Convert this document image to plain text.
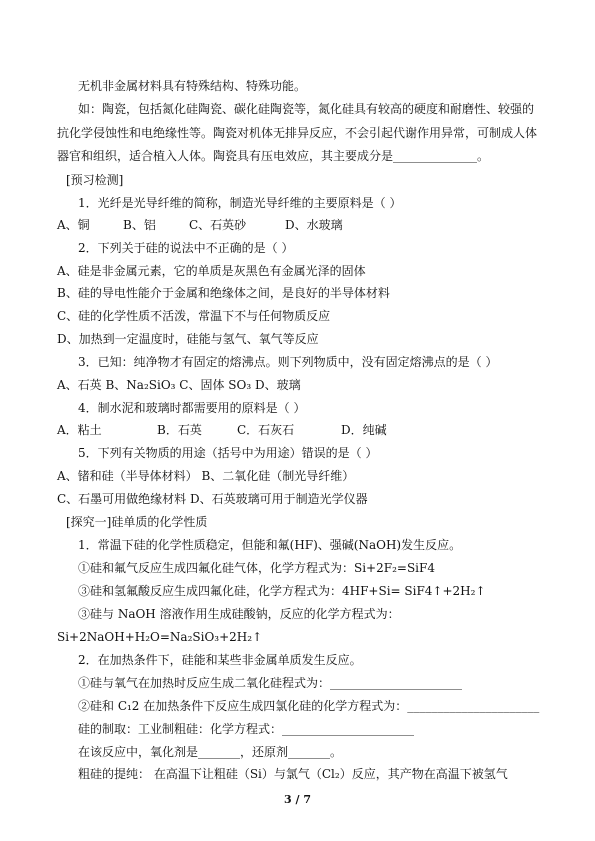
无机非金属材料具有特殊结构、特殊功能。
如：陶瓷，包括氮化硅陶瓷、碳化硅陶瓷等，氮化硅具有较高的硬度和耐磨性、较强的
抗化学侵蚀性和电绝缘性等。陶瓷对机体无排异反应，不会引起代谢作用异常，可制成人体
器官和组织，适合植入人体。陶瓷具有压电效应，其主要成分是______________。
[预习检测]
1．光纤是光导纤维的简称，制造光导纤维的主要原料是（ ）
A、铜	B、铝	C、石英砂	D、水玻璃
2．下列关于硅的说法中不正确的是（ ）
A、硅是非金属元素，它的单质是灰黑色有金属光泽的固体
B、硅的导电性能介于金属和绝缘体之间，是良好的半导体材料
C、硅的化学性质不活泼，常温下不与任何物质反应
D、加热到一定温度时，硅能与氢气、氧气等反应
3．已知：纯净物才有固定的熔沸点。则下列物质中，没有固定熔沸点的是（ ）
A、石英 B、Na₂SiO₃ C、固体 SO₃ D、玻璃
4．制水泥和玻璃时都需要用的原料是（ ）
A．粘土	B．石英	C．石灰石	D．纯碱
5．下列有关物质的用途（括号中为用途）错误的是（ ）
A、锗和硅（半导体材料） B、二氧化硅（制光导纤维）
C、石墨可用做绝缘材料 D、石英玻璃可用于制造光学仪器
[探究一]硅单质的化学性质
1．常温下硅的化学性质稳定，但能和氟(HF)、强碱(NaOH)发生反应。
①硅和氟气反应生成四氟化硅气体，化学方程式为：Si+2F₂=SiF4
③硅和氢氟酸反应生成四氟化硅，化学方程式为：4HF+Si= SiF4↑+2H₂↑
③硅与 NaOH 溶液作用生成硅酸钠，反应的化学方程式为：
Si+2NaOH+H₂O=Na₂SiO₃+2H₂↑
2．在加热条件下，硅能和某些非金属单质发生反应。
①硅与氧气在加热时反应生成二氧化硅程式为：______________________
②硅和 C₁2 在加热条件下反应生成四氯化硅的化学方程式为：______________________
硅的制取：工业制粗硅：化学方程式：______________________
在该反应中，氧化剂是_______，还原剂_______。
粗硅的提纯： 在高温下让粗硅（Si）与氯气（Cl₂）反应，其产物在高温下被氢气
3 / 7
